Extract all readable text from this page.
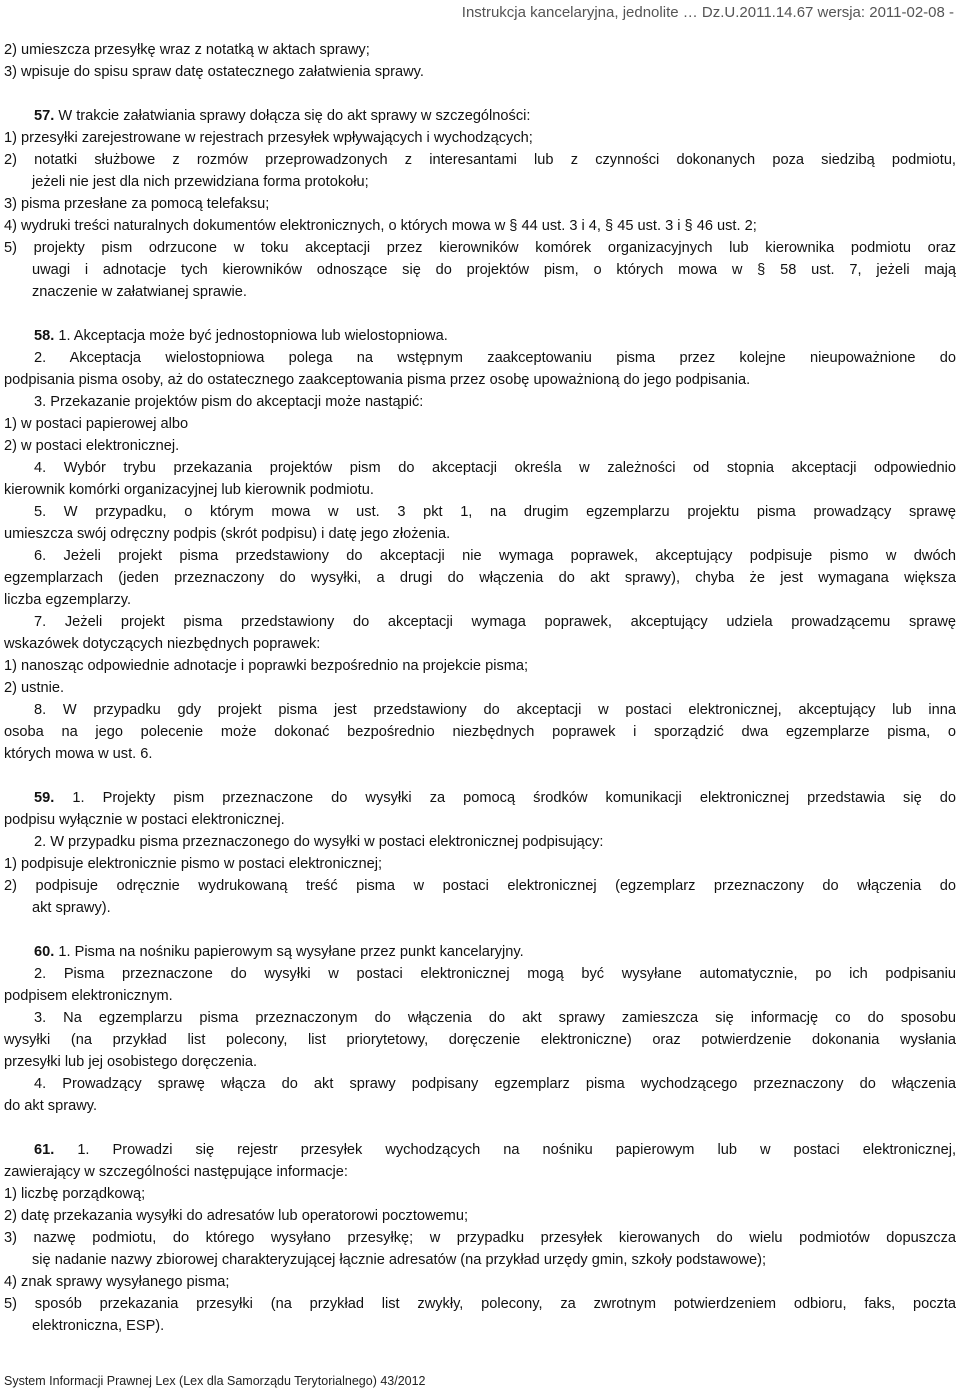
Instrukcja kancelaryjna, jednolite … Dz.U.2011.14.67 wersja: 2011-02-08 -
2) umieszcza przesyłkę wraz z notatką w aktach sprawy;
3) wpisuje do spisu spraw datę ostatecznego załatwienia sprawy.
57. W trakcie załatwiania sprawy dołącza się do akt sprawy w szczególności:
1) przesyłki zarejestrowane w rejestrach przesyłek wpływających i wychodzących;
2) notatki służbowe z rozmów przeprowadzonych z interesantami lub z czynności dokonanych poza siedzibą podmiotu,
jeżeli nie jest dla nich przewidziana forma protokołu;
3) pisma przesłane za pomocą telefaksu;
4) wydruki treści naturalnych dokumentów elektronicznych, o których mowa w § 44 ust. 3 i 4, § 45 ust. 3 i § 46 ust. 2;
5) projekty pism odrzucone w toku akceptacji przez kierowników komórek organizacyjnych lub kierownika podmiotu oraz
uwagi i adnotacje tych kierowników odnoszące się do projektów pism, o których mowa w § 58 ust. 7, jeżeli mają
znaczenie w załatwianej sprawie.
58. 1. Akceptacja może być jednostopniowa lub wielostopniowa.
2. Akceptacja wielostopniowa polega na wstępnym zaakceptowaniu pisma przez kolejne nieupoważnione do
podpisania pisma osoby, aż do ostatecznego zaakceptowania pisma przez osobę upoważnioną do jego podpisania.
3. Przekazanie projektów pism do akceptacji może nastąpić:
1) w postaci papierowej albo
2) w postaci elektronicznej.
4. Wybór trybu przekazania projektów pism do akceptacji określa w zależności od stopnia akceptacji odpowiednio
kierownik komórki organizacyjnej lub kierownik podmiotu.
5. W przypadku, o którym mowa w ust. 3 pkt 1, na drugim egzemplarzu projektu pisma prowadzący sprawę
umieszcza swój odręczny podpis (skrót podpisu) i datę jego złożenia.
6. Jeżeli projekt pisma przedstawiony do akceptacji nie wymaga poprawek, akceptujący podpisuje pismo w dwóch
egzemplarzach (jeden przeznaczony do wysyłki, a drugi do włączenia do akt sprawy), chyba że jest wymagana większa
liczba egzemplarzy.
7. Jeżeli projekt pisma przedstawiony do akceptacji wymaga poprawek, akceptujący udziela prowadzącemu sprawę
wskazówek dotyczących niezbędnych poprawek:
1) nanosząc odpowiednie adnotacje i poprawki bezpośrednio na projekcie pisma;
2) ustnie.
8. W przypadku gdy projekt pisma jest przedstawiony do akceptacji w postaci elektronicznej, akceptujący lub inna
osoba na jego polecenie może dokonać bezpośrednio niezbędnych poprawek i sporządzić dwa egzemplarze pisma, o
których mowa w ust. 6.
59. 1. Projekty pism przeznaczone do wysyłki za pomocą środków komunikacji elektronicznej przedstawia się do
podpisu wyłącznie w postaci elektronicznej.
2. W przypadku pisma przeznaczonego do wysyłki w postaci elektronicznej podpisujący:
1) podpisuje elektronicznie pismo w postaci elektronicznej;
2) podpisuje odręcznie wydrukowaną treść pisma w postaci elektronicznej (egzemplarz przeznaczony do włączenia do
akt sprawy).
60. 1. Pisma na nośniku papierowym są wysyłane przez punkt kancelaryjny.
2. Pisma przeznaczone do wysyłki w postaci elektronicznej mogą być wysyłane automatycznie, po ich podpisaniu
podpisem elektronicznym.
3. Na egzemplarzu pisma przeznaczonym do włączenia do akt sprawy zamieszcza się informację co do sposobu
wysyłki (na przykład list polecony, list priorytetowy, doręczenie elektroniczne) oraz potwierdzenie dokonania wysłania
przesyłki lub jej osobistego doręczenia.
4. Prowadzący sprawę włącza do akt sprawy podpisany egzemplarz pisma wychodzącego przeznaczony do włączenia
do akt sprawy.
61. 1. Prowadzi się rejestr przesyłek wychodzących na nośniku papierowym lub w postaci elektronicznej,
zawierający w szczególności następujące informacje:
1) liczbę porządkową;
2) datę przekazania wysyłki do adresatów lub operatorowi pocztowemu;
3) nazwę podmiotu, do którego wysyłano przesyłkę; w przypadku przesyłek kierowanych do wielu podmiotów dopuszcza
się nadanie nazwy zbiorowej charakteryzującej łącznie adresatów (na przykład urzędy gmin, szkoły podstawowe);
4) znak sprawy wysyłanego pisma;
5) sposób przekazania przesyłki (na przykład list zwykły, polecony, za zwrotnym potwierdzeniem odbioru, faks, poczta
elektroniczna, ESP).
System Informacji Prawnej Lex (Lex dla Samorządu Terytorialnego) 43/2012
